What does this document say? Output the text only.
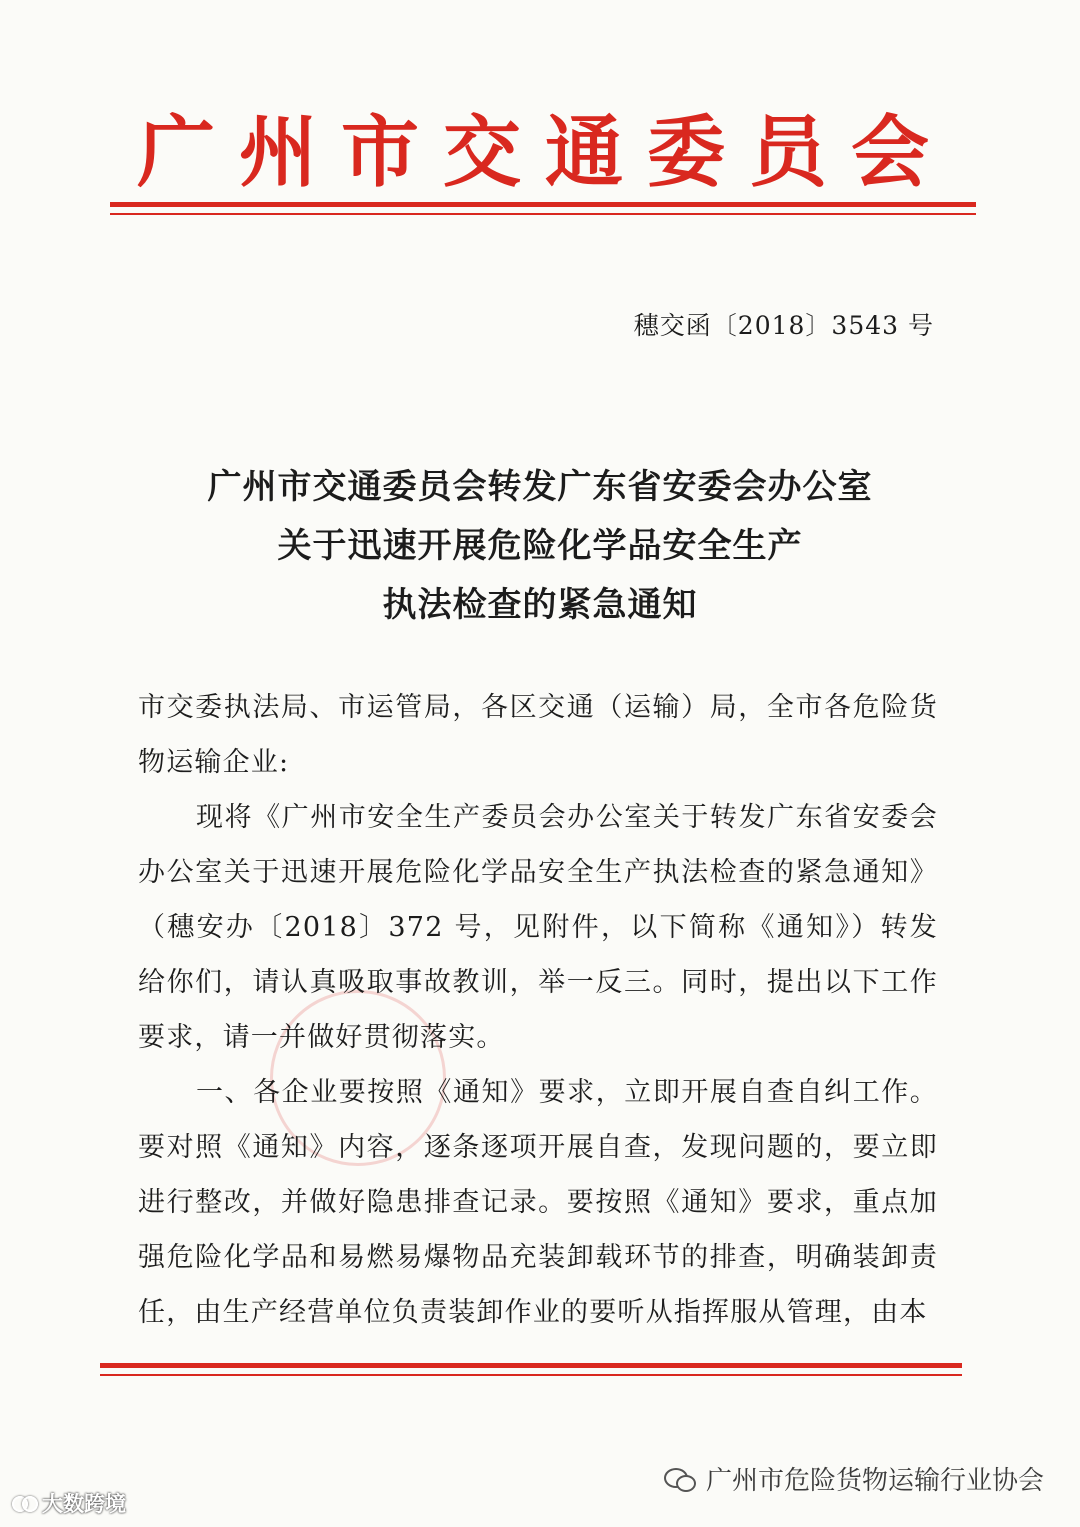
广州市交通委员会
穗交函〔2018〕3543 号
广州市交通委员会转发广东省安委会办公室
关于迅速开展危险化学品安全生产
执法检查的紧急通知

市交委执法局、市运管局，各区交通（运输）局，全市各危险货物运输企业:

现将《广州市安全生产委员会办公室关于转发广东省安委会办公室关于迅速开展危险化学品安全生产执法检查的紧急通知》（穗安办〔2018〕372 号，见附件，以下简称《通知》）转发给你们，请认真吸取事故教训，举一反三。同时，提出以下工作要求，请一并做好贯彻落实。

一、各企业要按照《通知》要求，立即开展自查自纠工作。要对照《通知》内容，逐条逐项开展自查，发现问题的，要立即进行整改，并做好隐患排查记录。要按照《通知》要求，重点加强危险化学品和易燃易爆物品充装卸载环节的排查，明确装卸责任，由生产经营单位负责装卸作业的要听从指挥服从管理，由本

广州市危险货物运输行业协会
大数跨境
